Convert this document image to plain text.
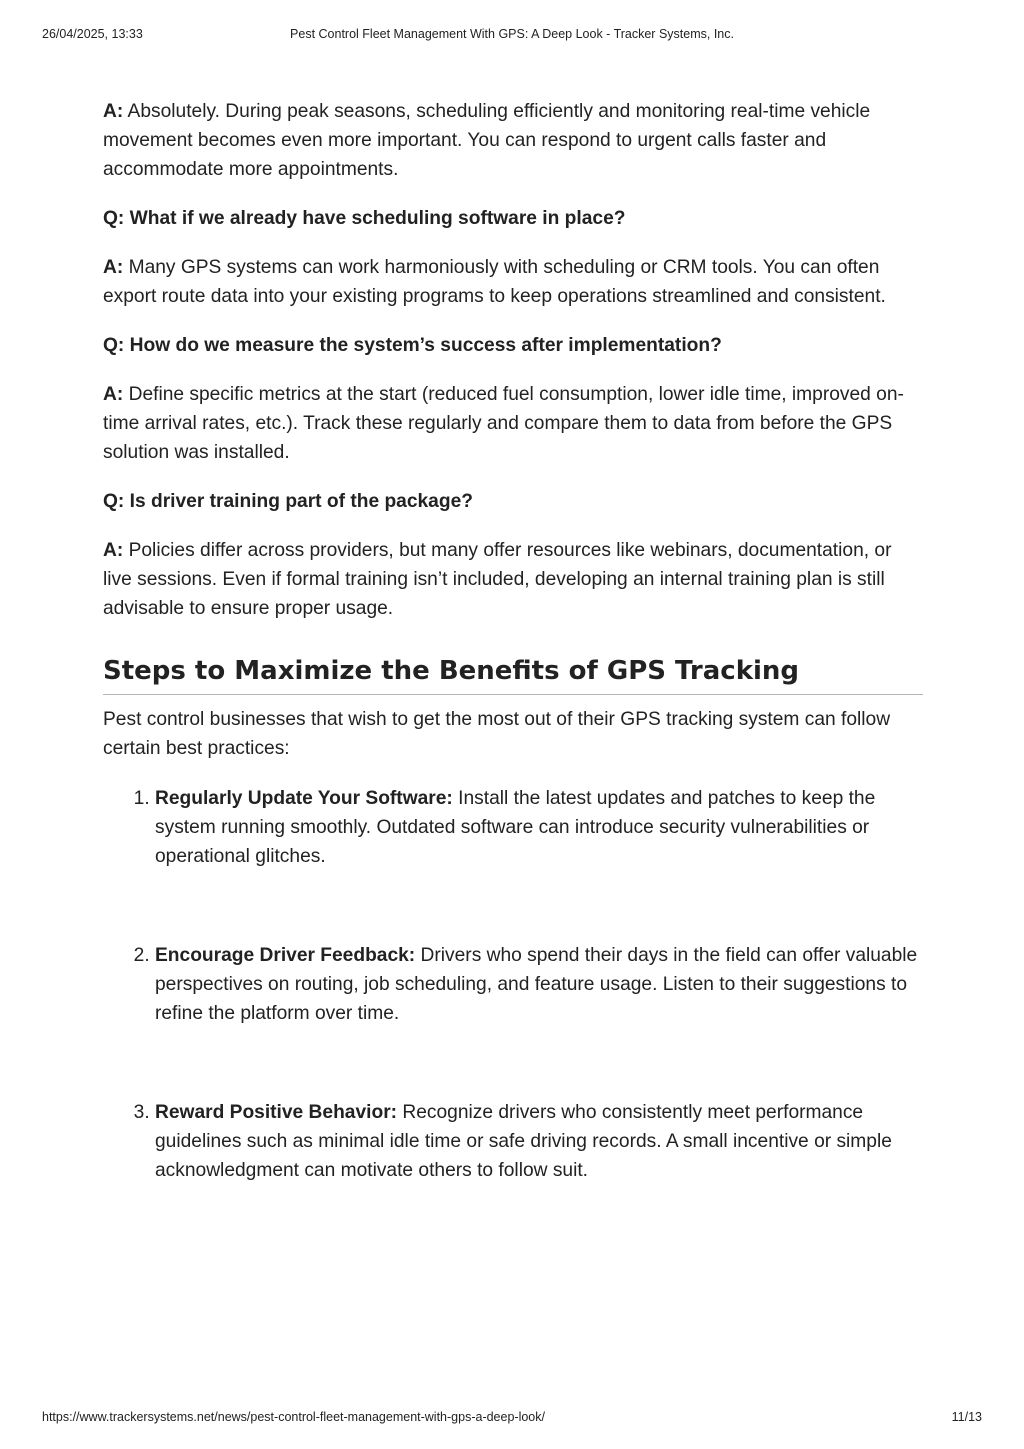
26/04/2025, 13:33	Pest Control Fleet Management With GPS: A Deep Look - Tracker Systems, Inc.

A: Absolutely. During peak seasons, scheduling efficiently and monitoring real-time vehicle movement becomes even more important. You can respond to urgent calls faster and accommodate more appointments.

Q: What if we already have scheduling software in place?

A: Many GPS systems can work harmoniously with scheduling or CRM tools. You can often export route data into your existing programs to keep operations streamlined and consistent.

Q: How do we measure the system’s success after implementation?

A: Define specific metrics at the start (reduced fuel consumption, lower idle time, improved on-time arrival rates, etc.). Track these regularly and compare them to data from before the GPS solution was installed.

Q: Is driver training part of the package?

A: Policies differ across providers, but many offer resources like webinars, documentation, or live sessions. Even if formal training isn’t included, developing an internal training plan is still advisable to ensure proper usage.

Steps to Maximize the Benefits of GPS Tracking

Pest control businesses that wish to get the most out of their GPS tracking system can follow certain best practices:

1. Regularly Update Your Software: Install the latest updates and patches to keep the system running smoothly. Outdated software can introduce security vulnerabilities or operational glitches.
2. Encourage Driver Feedback: Drivers who spend their days in the field can offer valuable perspectives on routing, job scheduling, and feature usage. Listen to their suggestions to refine the platform over time.
3. Reward Positive Behavior: Recognize drivers who consistently meet performance guidelines such as minimal idle time or safe driving records. A small incentive or simple acknowledgment can motivate others to follow suit.
https://www.trackersystems.net/news/pest-control-fleet-management-with-gps-a-deep-look/	11/13
